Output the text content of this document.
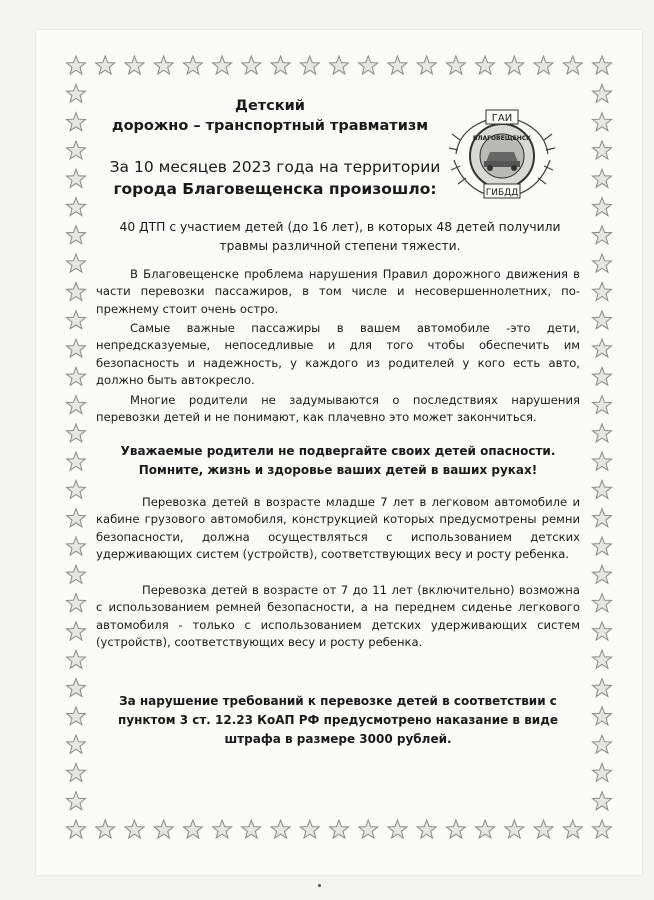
Детский
дорожно – транспортный травматизм	ГАИ
БЛАГОВЕЩЕНСК
ГИБДД
За 10 месяцев 2023 года на территории
города Благовещенска произошло:

40 ДТП с участием детей (до 16 лет), в которых 48 детей получили травмы различной степени тяжести.

В Благовещенске проблема нарушения Правил дорожного движения в части перевозки пассажиров, в том числе и несовершеннолетних, по-прежнему стоит очень остро.

Самые важные пассажиры в вашем автомобиле -это дети, непредсказуемые, непоседливые и для того чтобы обеспечить им безопасность и надежность, у каждого из родителей у кого есть авто, должно быть автокресло.

Многие родители не задумываются о последствиях нарушения перевозки детей и не понимают, как плачевно это может закончиться.

Уважаемые родители не подвергайте своих детей опасности.
Помните, жизнь и здоровье ваших детей в ваших руках!

Перевозка детей в возрасте младше 7 лет в легковом автомобиле и кабине грузового автомобиля, конструкцией которых предусмотрены ремни безопасности, должна осуществляться с использованием детских удерживающих систем (устройств), соответствующих весу и росту ребенка.

Перевозка детей в возрасте от 7 до 11 лет (включительно) возможна с использованием ремней безопасности, а на переднем сиденье легкового автомобиля - только с использованием детских удерживающих систем (устройств), соответствующих весу и росту ребенка.

За нарушение требований к перевозке детей в соответствии с пунктом 3 ст. 12.23 КоАП РФ предусмотрено наказание в виде штрафа в размере 3000 рублей.
